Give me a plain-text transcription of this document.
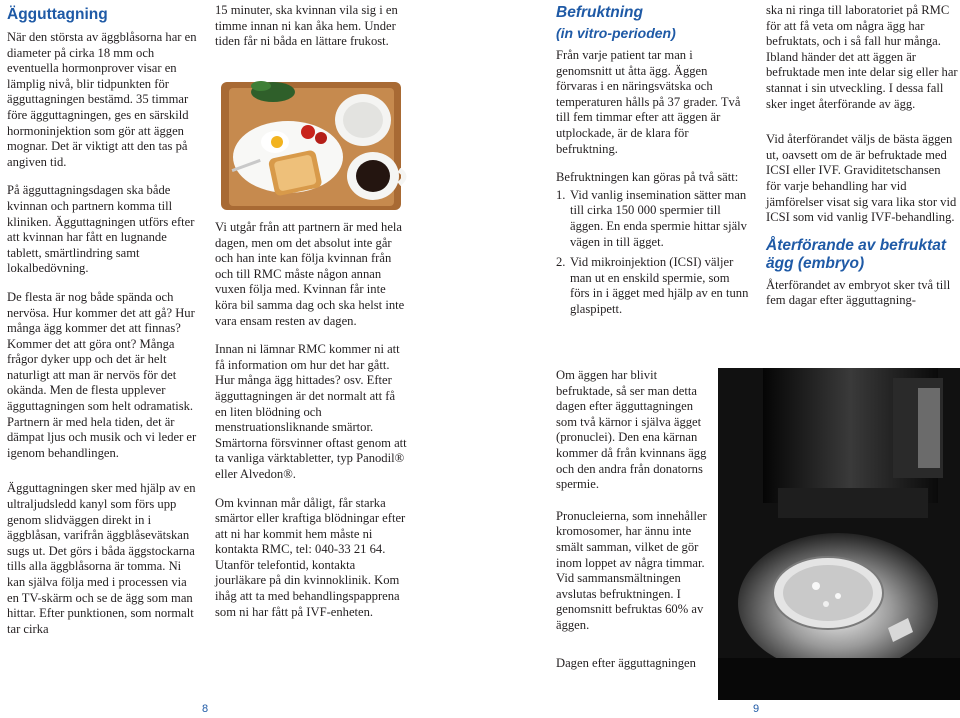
Ägguttagning

När den största av äggblåsorna har en diameter på cirka 18 mm och eventuella hormonprover visar en lämplig nivå, blir tidpunkten för ägguttagningen bestämd. 35 timmar före ägguttagningen, ges en särskild hormoninjektion som gör att äggen mognar. Det är viktigt att den tas på angiven tid.

På ägguttagningsdagen ska både kvinnan och partnern komma till kliniken. Ägguttagningen utförs efter att kvinnan har fått en lugnande tablett, smärtlindring samt lokalbedövning.

De flesta är nog både spända och nervösa. Hur kommer det att gå? Hur många ägg kommer det att finnas? Kommer det att göra ont? Många frågor dyker upp och det är helt naturligt att man är nervös för det okända. Men de flesta upplever ägguttagningen som helt odramatisk. Partnern är med hela tiden, det är dämpat ljus och musik och vi leder er igenom behandlingen.

Ägguttagningen sker med hjälp av en ultraljudsledd kanyl som förs upp genom slidväggen direkt in i äggblåsan, varifrån äggblåsevätskan sugs ut. Det görs i båda äggstockarna tills alla äggblåsorna är tomma. Ni kan själva följa med i processen via en TV-skärm och se de ägg som man hittar. Efter punktionen, som normalt tar cirka

15 minuter, ska kvinnan vila sig i en timme innan ni kan åka hem. Under tiden får ni båda en lättare frukost.

Vi utgår från att partnern är med hela dagen, men om det absolut inte går och han inte kan följa kvinnan från och till RMC måste någon annan vuxen följa med. Kvinnan får inte köra bil samma dag och ska helst inte vara ensam resten av dagen.

Innan ni lämnar RMC kommer ni att få information om hur det har gått. Hur många ägg hittades? osv. Efter ägguttagningen är det normalt att få en liten blödning och menstruationsliknande smärtor. Smärtorna försvinner oftast genom att ta vanliga värktabletter, typ Panodil® eller Alvedon®.

Om kvinnan mår dåligt, får starka smärtor eller kraftiga blödningar efter att ni har kommit hem måste ni kontakta RMC, tel: 040-33 21 64. Utanför telefontid, kontakta jourläkare på din kvinnoklinik. Kom ihåg att ta med behandlingspapprena som ni har fått på IVF-enheten.

8
Befruktning
(in vitro-perioden)

Från varje patient tar man i genomsnitt ut åtta ägg. Äggen förvaras i en näringsvätska och temperaturen hålls på 37 grader. Två till fem timmar efter att äggen är utplockade, är de klara för befruktning.

Befruktningen kan göras på två sätt:

1. Vid vanlig insemination sätter man till cirka 150 000 spermier till äggen. En enda spermie hittar själv vägen in till ägget.
2. Vid mikroinjektion (ICSI) väljer man ut en enskild spermie, som förs in i ägget med hjälp av en tunn glaspipett.

Om äggen har blivit befruktade, så ser man detta dagen efter ägguttagningen som två kärnor i själva ägget (pronuclei). Den ena kärnan kommer då från kvinnans ägg och den andra från donatorns spermie.

Pronucleierna, som innehåller kromosomer, har ännu inte smält samman, vilket de gör inom loppet av några timmar. Vid sammansmältningen avslutas befruktningen. I genomsnitt befruktas 60% av äggen.

Dagen efter ägguttagningen

ska ni ringa till laboratoriet på RMC för att få veta om några ägg har befruktats, och i så fall hur många. Ibland händer det att äggen är befruktade men inte delar sig eller har stannat i sin utveckling. I dessa fall sker inget återförande av ägg.

Vid återförandet väljs de bästa äggen ut, oavsett om de är befruktade med ICSI eller IVF. Graviditetschansen för varje behandling har vid jämförelser visat sig vara lika stor vid ICSI som vid vanlig IVF-behandling.

Återförande av befruktat ägg (embryo)

Återförandet av embryot sker två till fem dagar efter ägguttagning-

9
